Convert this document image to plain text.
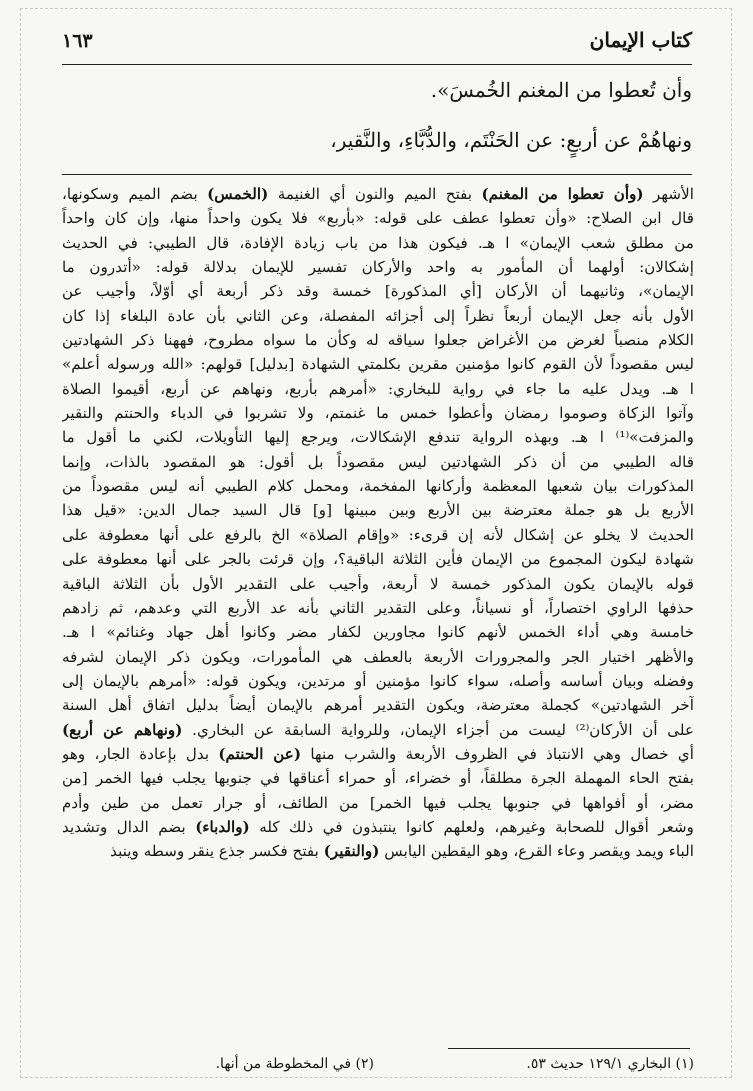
١٦٣	كتاب الإيمان
وأن تُعطوا من المغنم الخُمسَ».
ونهاهُمْ عن أربعٍ: عن الحَنْتَم، والدُّبَّاءِ، والنَّقير،
الأشهر (وأن تعطوا من المغنم) بفتح الميم والنون أي الغنيمة (الخمس) بضم الميم وسكونها،
قال ابن الصلاح: «وأن تعطوا عطف على قوله: «بأربع» فلا يكون واحداً منها، وإن كان واحداً
من مطلق شعب الإيمان» ا هـ. فيكون هذا من باب زيادة الإفادة، قال الطيبي: في الحديث
إشكالان: أولهما أن المأمور به واحد والأركان تفسير للإيمان بدلالة قوله: «أتدرون ما
الإيمان»، وثانيهما أن الأركان [أي المذكورة] خمسة وقد ذكر أربعة أي أوّلاً، وأجيب عن
الأول بأنه جعل الإيمان أربعاً نظراً إلى أجزائه المفصلة، وعن الثاني بأن عادة البلغاء إذا كان
الكلام منصباً لغرض من الأغراض جعلوا سياقه له وكأن ما سواه مطروح، فههنا ذكر الشهادتين
ليس مقصوداً لأن القوم كانوا مؤمنين مقرين بكلمتي الشهادة [بدليل] قولهم: «الله ورسوله أعلم»
ا هـ. ويدل عليه ما جاء في رواية للبخاري: «أمرهم بأربع، ونهاهم عن أربع، أقيموا الصلاة
وآتوا الزكاة وصوموا رمضان وأعطوا خمس ما غنمتم، ولا تشربوا في الدباء والحنتم والنقير
والمزفت»⁽¹⁾ ا هـ. وبهذه الرواية تندفع الإشكالات، ويرجع إليها التأويلات، لكني ما أقول ما
قاله الطيبي من أن ذكر الشهادتين ليس مقصوداً بل أقول: هو المقصود بالذات، وإنما
المذكورات بيان شعبها المعظمة وأركانها المفخمة، ومحمل كلام الطيبي أنه ليس مقصوداً من
الأربع بل هو جملة معترضة بين الأربع وبين مبينها [و] قال السيد جمال الدين: «قيل هذا
الحديث لا يخلو عن إشكال لأنه إن قرىء: «وإقام الصلاة» الخ بالرفع على أنها معطوفة على
شهادة ليكون المجموع من الإيمان فأين الثلاثة الباقية؟، وإن قرئت بالجر على أنها معطوفة على
قوله بالإيمان يكون المذكور خمسة لا أربعة، وأجيب على التقدير الأول بأن الثلاثة الباقية
حذفها الراوي اختصاراً، أو نسياناً، وعلى التقدير الثاني بأنه عد الأربع التي وعدهم، ثم زادهم
خامسة وهي أداء الخمس لأنهم كانوا مجاورين لكفار مضر وكانوا أهل جهاد وغنائم» ا هـ.
والأظهر اختيار الجر والمجرورات الأربعة بالعطف هي المأمورات، ويكون ذكر الإيمان لشرفه
وفضله وبيان أساسه وأصله، سواء كانوا مؤمنين أو مرتدين، ويكون قوله: «أمرهم بالإيمان إلى
آخر الشهادتين» كجملة معترضة، ويكون التقدير أمرهم بالإيمان أيضاً بدليل اتفاق أهل السنة
على أن الأركان⁽²⁾ ليست من أجزاء الإيمان، وللرواية السابقة عن البخاري. (ونهاهم عن أربع)
أي خصال وهي الانتباذ في الظروف الأربعة والشرب منها (عن الحنتم) بدل بإعادة الجار، وهو
بفتح الحاء المهملة الجرة مطلقاً، أو خضراء، أو حمراء أعناقها في جنوبها يجلب فيها الخمر [من
مضر، أو أفواهها في جنوبها يجلب فيها الخمر] من الطائف، أو جرار تعمل من طين وأدم
وشعر أقوال للصحابة وغيرهم، ولعلهم كانوا ينتبذون في ذلك كله (والدباء) بضم الدال وتشديد
الباء ويمد ويقصر وعاء القرع، وهو اليقطين اليابس (والنقير) بفتح فكسر جذع ينقر وسطه وينبذ
(١) البخاري ١٢٩/١ حديث ٥٣.
(٢) في المخطوطة من أنها.
